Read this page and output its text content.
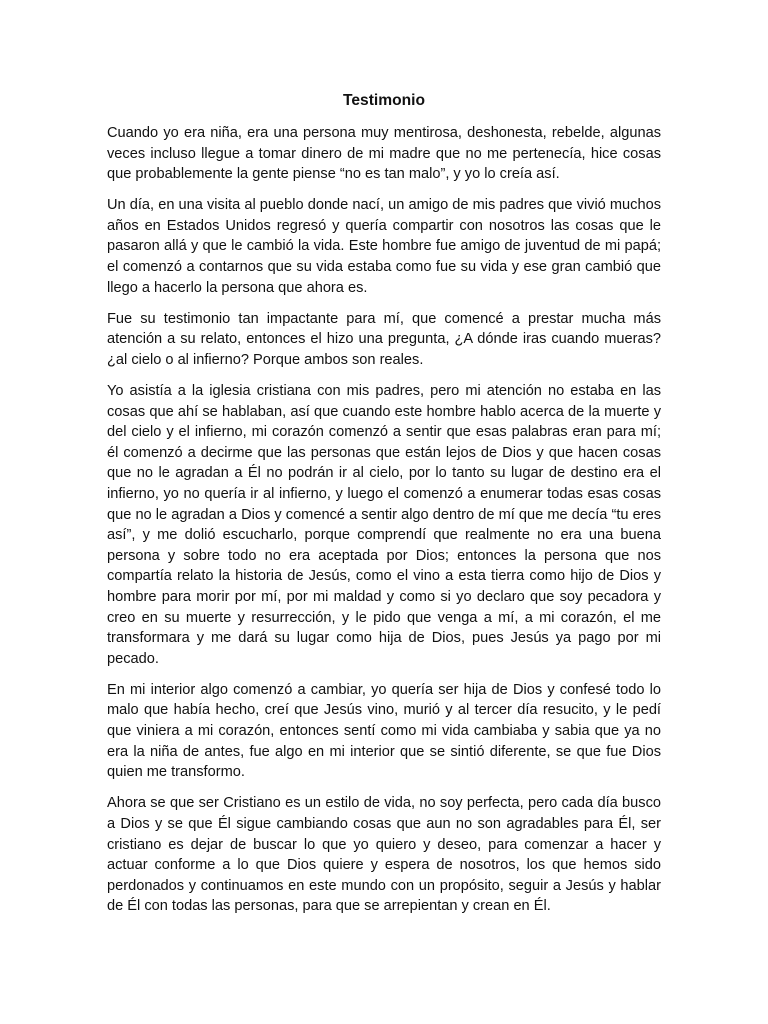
Testimonio

Cuando yo era niña, era una persona muy mentirosa, deshonesta, rebelde, algunas veces incluso llegue a tomar dinero de mi madre que no me pertenecía, hice cosas que probablemente la gente piense “no es tan malo”, y yo lo creía así.

Un día, en una visita al pueblo donde nací, un amigo de mis padres que vivió muchos años en Estados Unidos regresó y quería compartir con nosotros las cosas que le pasaron allá y que le cambió la vida. Este hombre fue amigo de juventud de mi papá; el comenzó a contarnos que su vida estaba como fue su vida y ese gran cambió que llego a hacerlo la persona que ahora es.

Fue su testimonio tan impactante para mí, que comencé a prestar mucha más atención a su relato, entonces el hizo una pregunta, ¿A dónde iras cuando mueras? ¿al cielo o al infierno? Porque ambos son reales.

Yo asistía a la iglesia cristiana con mis padres, pero mi atención no estaba en las cosas que ahí se hablaban, así que cuando este hombre hablo acerca de la muerte y del cielo y el infierno, mi corazón comenzó a sentir que esas palabras eran para mí; él comenzó a decirme que las personas que están lejos de Dios y que hacen cosas que no le agradan a Él no podrán ir al cielo, por lo tanto su lugar de destino era el infierno, yo no quería ir al infierno, y luego el comenzó a enumerar todas esas cosas que no le agradan a Dios y comencé a sentir algo dentro de mí que me decía “tu eres así”, y me dolió escucharlo, porque comprendí que realmente no era una buena persona y sobre todo no era aceptada por Dios; entonces la persona que nos compartía relato la historia de Jesús, como el vino a esta tierra como hijo de Dios y hombre para morir por mí, por mi maldad y como si yo declaro que soy pecadora y creo en su muerte y resurrección, y le pido que venga a mí, a mi corazón, el me transformara y me dará su lugar como hija de Dios, pues Jesús ya pago por mi pecado.

En mi interior algo comenzó a cambiar, yo quería ser hija de Dios y confesé todo lo malo que había hecho, creí que Jesús vino, murió y al tercer día resucito, y le pedí que viniera a mi corazón, entonces sentí como mi vida cambiaba y sabia que ya no era la niña de antes, fue algo en mi interior que se sintió diferente, se que fue Dios quien me transformo.

Ahora se que ser Cristiano es un estilo de vida, no soy perfecta, pero cada día busco a Dios y se que Él sigue cambiando cosas que aun no son agradables para Él, ser cristiano es dejar de buscar lo que yo quiero y deseo, para comenzar a hacer y actuar conforme a lo que Dios quiere y espera de nosotros, los que hemos sido perdonados y continuamos en este mundo con un propósito, seguir a Jesús y hablar de Él con todas las personas, para que se arrepientan y crean en Él.
